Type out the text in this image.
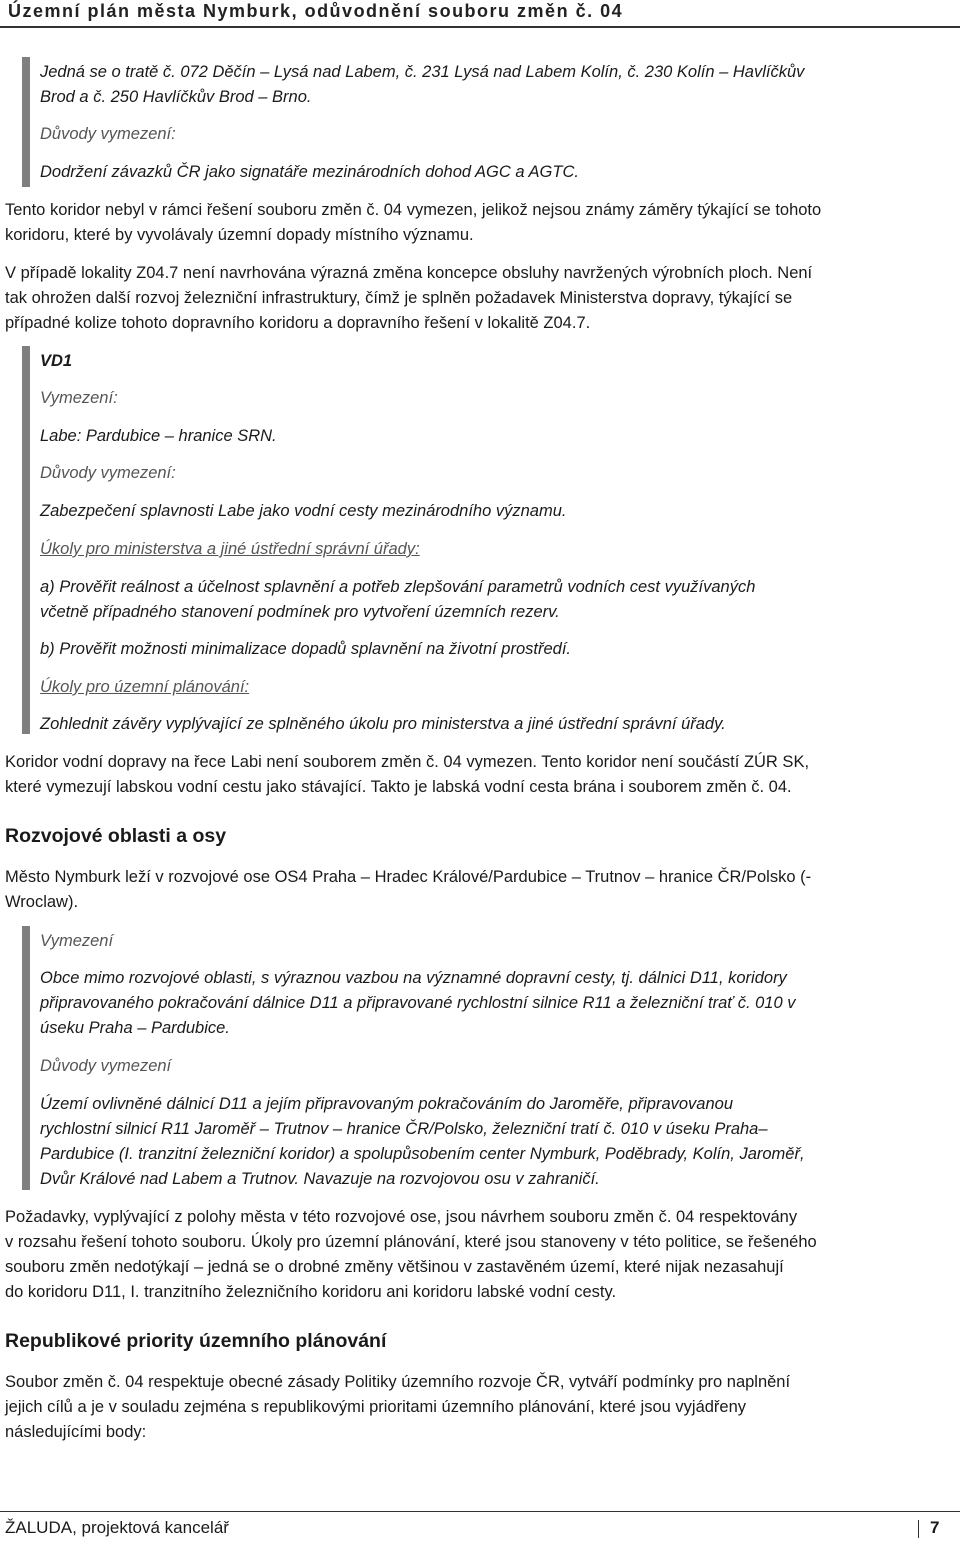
Územní plán města Nymburk, odůvodnění souboru změn č. 04
Jedná se o tratě č. 072 Děčín – Lysá nad Labem, č. 231 Lysá nad Labem Kolín, č. 230 Kolín – Havlíčkův
Brod a č. 250 Havlíčkův Brod – Brno.
Důvody vymezení:
Dodržení závazků ČR jako signatáře mezinárodních dohod AGC a AGTC.
Tento koridor nebyl v rámci řešení souboru změn č. 04 vymezen, jelikož nejsou známy záměry týkající se tohoto
koridoru, které by vyvolávaly územní dopady místního významu.
V případě lokality Z04.7 není navrhována výrazná změna koncepce obsluhy navržených výrobních ploch. Není
tak ohrožen další rozvoj železniční infrastruktury, čímž je splněn požadavek Ministerstva dopravy, týkající se
případné kolize tohoto dopravního koridoru a dopravního řešení v lokalitě Z04.7.
VD1
Vymezení:
Labe: Pardubice – hranice SRN.
Důvody vymezení:
Zabezpečení splavnosti Labe jako vodní cesty mezinárodního významu.
Úkoly pro ministerstva a jiné ústřední správní úřady:
a) Prověřit reálnost a účelnost splavnění a potřeb zlepšování parametrů vodních cest využívaných
včetně případného stanovení podmínek pro vytvoření územních rezerv.
b) Prověřit možnosti minimalizace dopadů splavnění na životní prostředí.
Úkoly pro územní plánování:
Zohlednit závěry vyplývající ze splněného úkolu pro ministerstva a jiné ústřední správní úřady.
Koridor vodní dopravy na řece Labi není souborem změn č. 04 vymezen. Tento koridor není součástí ZÚR SK,
které vymezují labskou vodní cestu jako stávající. Takto je labská vodní cesta brána i souborem změn č. 04.
Rozvojové oblasti a osy
Město Nymburk leží v rozvojové ose OS4 Praha – Hradec Králové/Pardubice – Trutnov – hranice ČR/Polsko (-
Wroclaw).
Vymezení
Obce mimo rozvojové oblasti, s výraznou vazbou na významné dopravní cesty, tj. dálnici D11, koridory
připravovaného pokračování dálnice D11 a připravované rychlostní silnice R11 a železniční trať č. 010 v
úseku Praha – Pardubice.
Důvody vymezení
Území ovlivněné dálnicí D11 a jejím připravovaným pokračováním do Jaroměře, připravovanou
rychlostní silnicí R11 Jaroměř – Trutnov – hranice ČR/Polsko, železniční tratí č. 010 v úseku Praha–
Pardubice (I. tranzitní železniční koridor) a spolupůsobením center Nymburk, Poděbrady, Kolín, Jaroměř,
Dvůr Králové nad Labem a Trutnov. Navazuje na rozvojovou osu v zahraničí.
Požadavky, vyplývající z polohy města v této rozvojové ose, jsou návrhem souboru změn č. 04 respektovány
v rozsahu řešení tohoto souboru. Úkoly pro územní plánování, které jsou stanoveny v této politice, se řešeného
souboru změn nedotýkají – jedná se o drobné změny většinou v zastavěném území, které nijak nezasahují
do koridoru D11, I. tranzitního železničního koridoru ani koridoru labské vodní cesty.
Republikové priority územního plánování
Soubor změn č. 04 respektuje obecné zásady Politiky územního rozvoje ČR, vytváří podmínky pro naplnění
jejich cílů a je v souladu zejména s republikovými prioritami územního plánování, které jsou vyjádřeny
následujícími body:
ŽALUDA, projektová kancelář	7
